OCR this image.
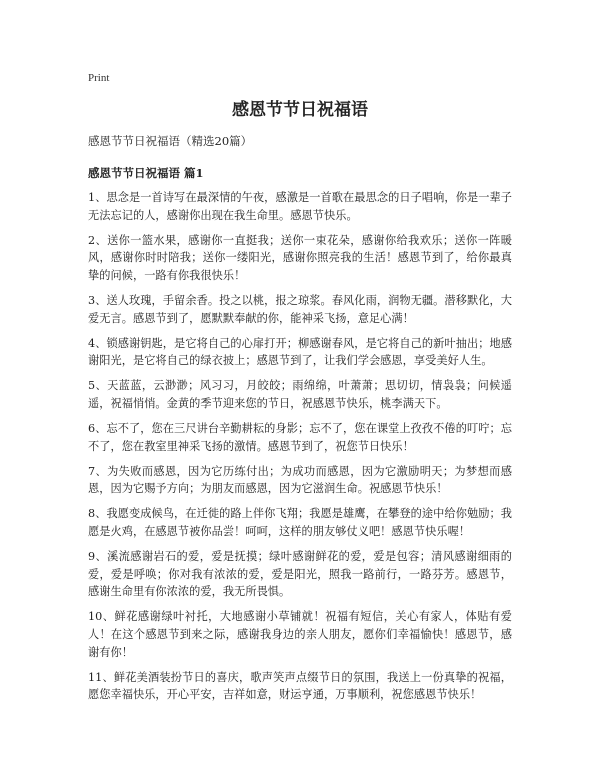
Print
感恩节节日祝福语
感恩节节日祝福语（精选20篇）
感恩节节日祝福语 篇1

1、思念是一首诗写在最深情的午夜，感激是一首歌在最思念的日子唱响，你是一辈子无法忘记的人，感谢你出现在我生命里。感恩节快乐。

2、送你一篮水果，感谢你一直挺我；送你一束花朵，感谢你给我欢乐；送你一阵暖风，感谢你时时陪我；送你一缕阳光，感谢你照亮我的生活！感恩节到了，给你最真挚的问候，一路有你我很快乐！

3、送人玫瑰，手留余香。投之以桃，报之琼浆。春风化雨，润物无疆。潜移默化，大爱无言。感恩节到了，愿默默奉献的你，能神采飞扬，意足心满！

4、锁感谢钥匙，是它将自己的心扉打开；柳感谢春风，是它将自己的新叶抽出；地感谢阳光，是它将自己的绿衣披上；感恩节到了，让我们学会感恩，享受美好人生。

5、天蓝蓝，云渺渺；风习习，月皎皎；雨绵绵，叶萧萧；思切切，情袅袅；问候遥遥，祝福悄悄。金黄的季节迎来您的节日，祝感恩节快乐，桃李满天下。

6、忘不了，您在三尺讲台辛勤耕耘的身影；忘不了，您在课堂上孜孜不倦的叮咛；忘不了，您在教室里神采飞扬的激情。感恩节到了，祝您节日快乐！

7、为失败而感恩，因为它历练付出；为成功而感恩，因为它激励明天；为梦想而感恩，因为它赐予方向；为朋友而感恩，因为它滋润生命。祝感恩节快乐！

8、我愿变成候鸟，在迁徙的路上伴你飞翔；我愿是雄鹰，在攀登的途中给你勉励；我愿是火鸡，在感恩节被你品尝！呵呵，这样的朋友够仗义吧！感恩节快乐喔！

9、溪流感谢岩石的爱，爱是抚摸；绿叶感谢鲜花的爱，爱是包容；清风感谢细雨的爱，爱是呼唤；你对我有浓浓的爱，爱是阳光，照我一路前行，一路芬芳。感恩节，感谢生命里有你浓浓的爱，我无所畏惧。

10、鲜花感谢绿叶衬托，大地感谢小草铺就！祝福有短信，关心有家人，体贴有爱人！在这个感恩节到来之际，感谢我身边的亲人朋友，愿你们幸福愉快！感恩节，感谢有你！

11、鲜花美酒装扮节日的喜庆，歌声笑声点缀节日的氛围，我送上一份真挚的祝福，愿您幸福快乐，开心平安，吉祥如意，财运亨通，万事顺利，祝您感恩节快乐！
